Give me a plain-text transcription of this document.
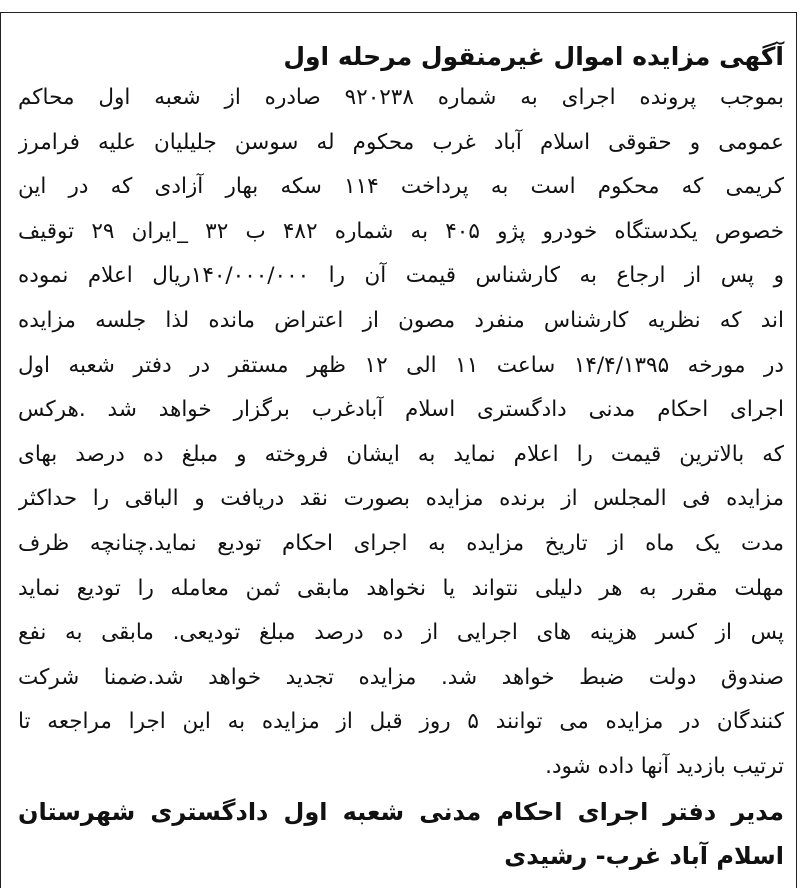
آگهی مزایده اموال غیرمنقول مرحله اول
بموجب پرونده اجرای به شماره ۹۲۰۲۳۸ صادره از شعبه اول محاکم
عمومی و حقوقی اسلام آباد غرب محکوم له سوسن جلیلیان علیه فرامرز
کریمی که محکوم است به پرداخت ۱۱۴ سکه بهار آزادی که در این
خصوص یکدستگاه خودرو پژو ۴۰۵ به شماره ۴۸۲ ب ۳۲ _ایران ۲۹ توقیف
و پس از ارجاع به کارشناس قیمت آن را ۱۴۰/۰۰۰/۰۰۰ریال اعلام نموده
اند که نظریه کارشناس منفرد مصون از اعتراض مانده لذا جلسه مزایده
در مورخه ۱۴/۴/۱۳۹۵ ساعت ۱۱ الی ۱۲ ظهر مستقر در دفتر شعبه اول
اجرای احکام مدنی دادگستری اسلام آبادغرب برگزار خواهد شد .هرکس
که بالاترین قیمت را اعلام نماید به ایشان فروخته و مبلغ ده درصد بهای
مزایده فی المجلس از برنده مزایده بصورت نقد دریافت و الباقی را حداکثر
مدت یک ماه از تاریخ مزایده به اجرای احکام تودیع نماید.چنانچه ظرف
مهلت مقرر به هر دلیلی نتواند یا نخواهد مابقی ثمن معامله را تودیع نماید
پس از کسر هزینه های اجرایی از ده درصد مبلغ تودیعی. مابقی به نفع
صندوق دولت ضبط خواهد شد. مزایده تجدید خواهد شد.ضمنا شرکت
کنندگان در مزایده می توانند ۵ روز قبل از مزایده به این اجرا مراجعه تا
ترتیب بازدید آنها داده شود.
مدیر دفتر اجرای احکام مدنی شعبه اول دادگستری شهرستان
اسلام آباد غرب- رشیدی
